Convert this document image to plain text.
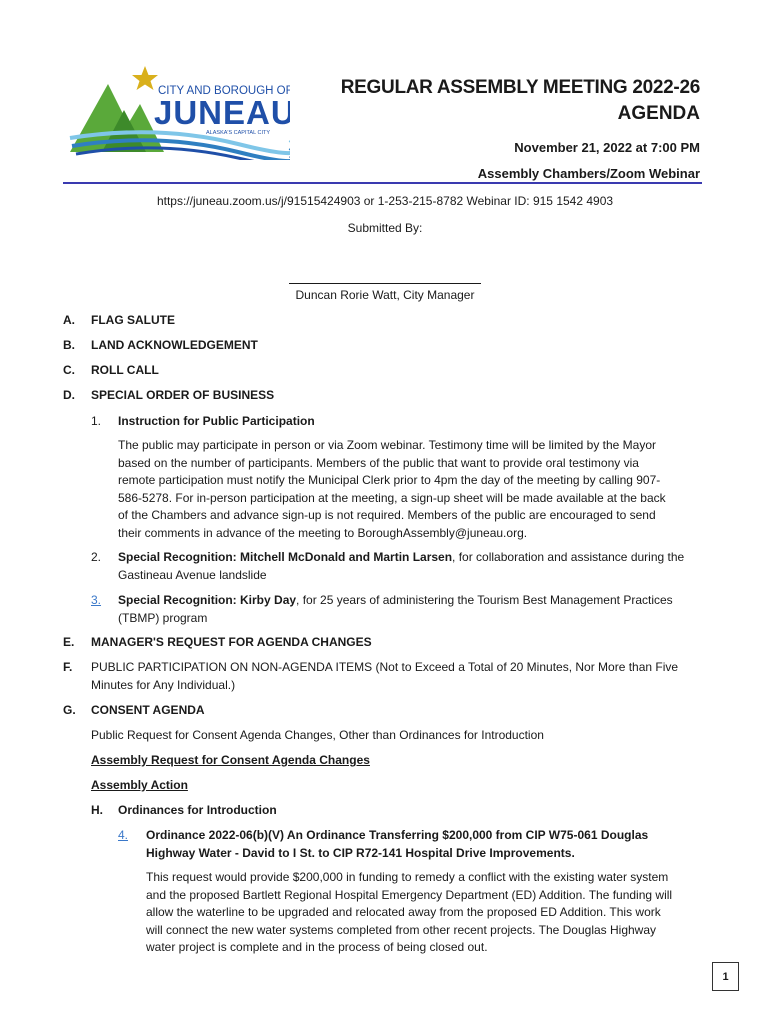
CITY AND BOROUGH OF
JUNEAU
ALASKA'S CAPITAL CITY
REGULAR ASSEMBLY MEETING 2022-26
AGENDA
November 21, 2022 at 7:00 PM
Assembly Chambers/Zoom Webinar
https://juneau.zoom.us/j/91515424903 or 1-253-215-8782 Webinar ID: 915 1542 4903
Submitted By:
Duncan Rorie Watt, City Manager
A. FLAG SALUTE
B. LAND ACKNOWLEDGEMENT
C. ROLL CALL
D. SPECIAL ORDER OF BUSINESS
1. Instruction for Public Participation
The public may participate in person or via Zoom webinar. Testimony time will be limited by the Mayor
based on the number of participants. Members of the public that want to provide oral testimony via
remote participation must notify the Municipal Clerk prior to 4pm the day of the meeting by calling 907-
586-5278. For in-person participation at the meeting, a sign-up sheet will be made available at the back
of the Chambers and advance sign-up is not required. Members of the public are encouraged to send
their comments in advance of the meeting to BoroughAssembly@juneau.org.
2. Special Recognition: Mitchell McDonald and Martin Larsen, for collaboration and assistance during the
Gastineau Avenue landslide
3. Special Recognition: Kirby Day, for 25 years of administering the Tourism Best Management Practices
(TBMP) program
E. MANAGER'S REQUEST FOR AGENDA CHANGES
F. PUBLIC PARTICIPATION ON NON-AGENDA ITEMS (Not to Exceed a Total of 20 Minutes, Nor More than Five
Minutes for Any Individual.)
G. CONSENT AGENDA
Public Request for Consent Agenda Changes, Other than Ordinances for Introduction
Assembly Request for Consent Agenda Changes
Assembly Action
H. Ordinances for Introduction
4. Ordinance 2022-06(b)(V) An Ordinance Transferring $200,000 from CIP W75-061 Douglas
Highway Water - David to I St. to CIP R72-141 Hospital Drive Improvements.
This request would provide $200,000 in funding to remedy a conflict with the existing water system
and the proposed Bartlett Regional Hospital Emergency Department (ED) Addition. The funding will
allow the waterline to be upgraded and relocated away from the proposed ED Addition. This work
will connect the new water systems completed from other recent projects. The Douglas Highway
water project is complete and in the process of being closed out.
1
